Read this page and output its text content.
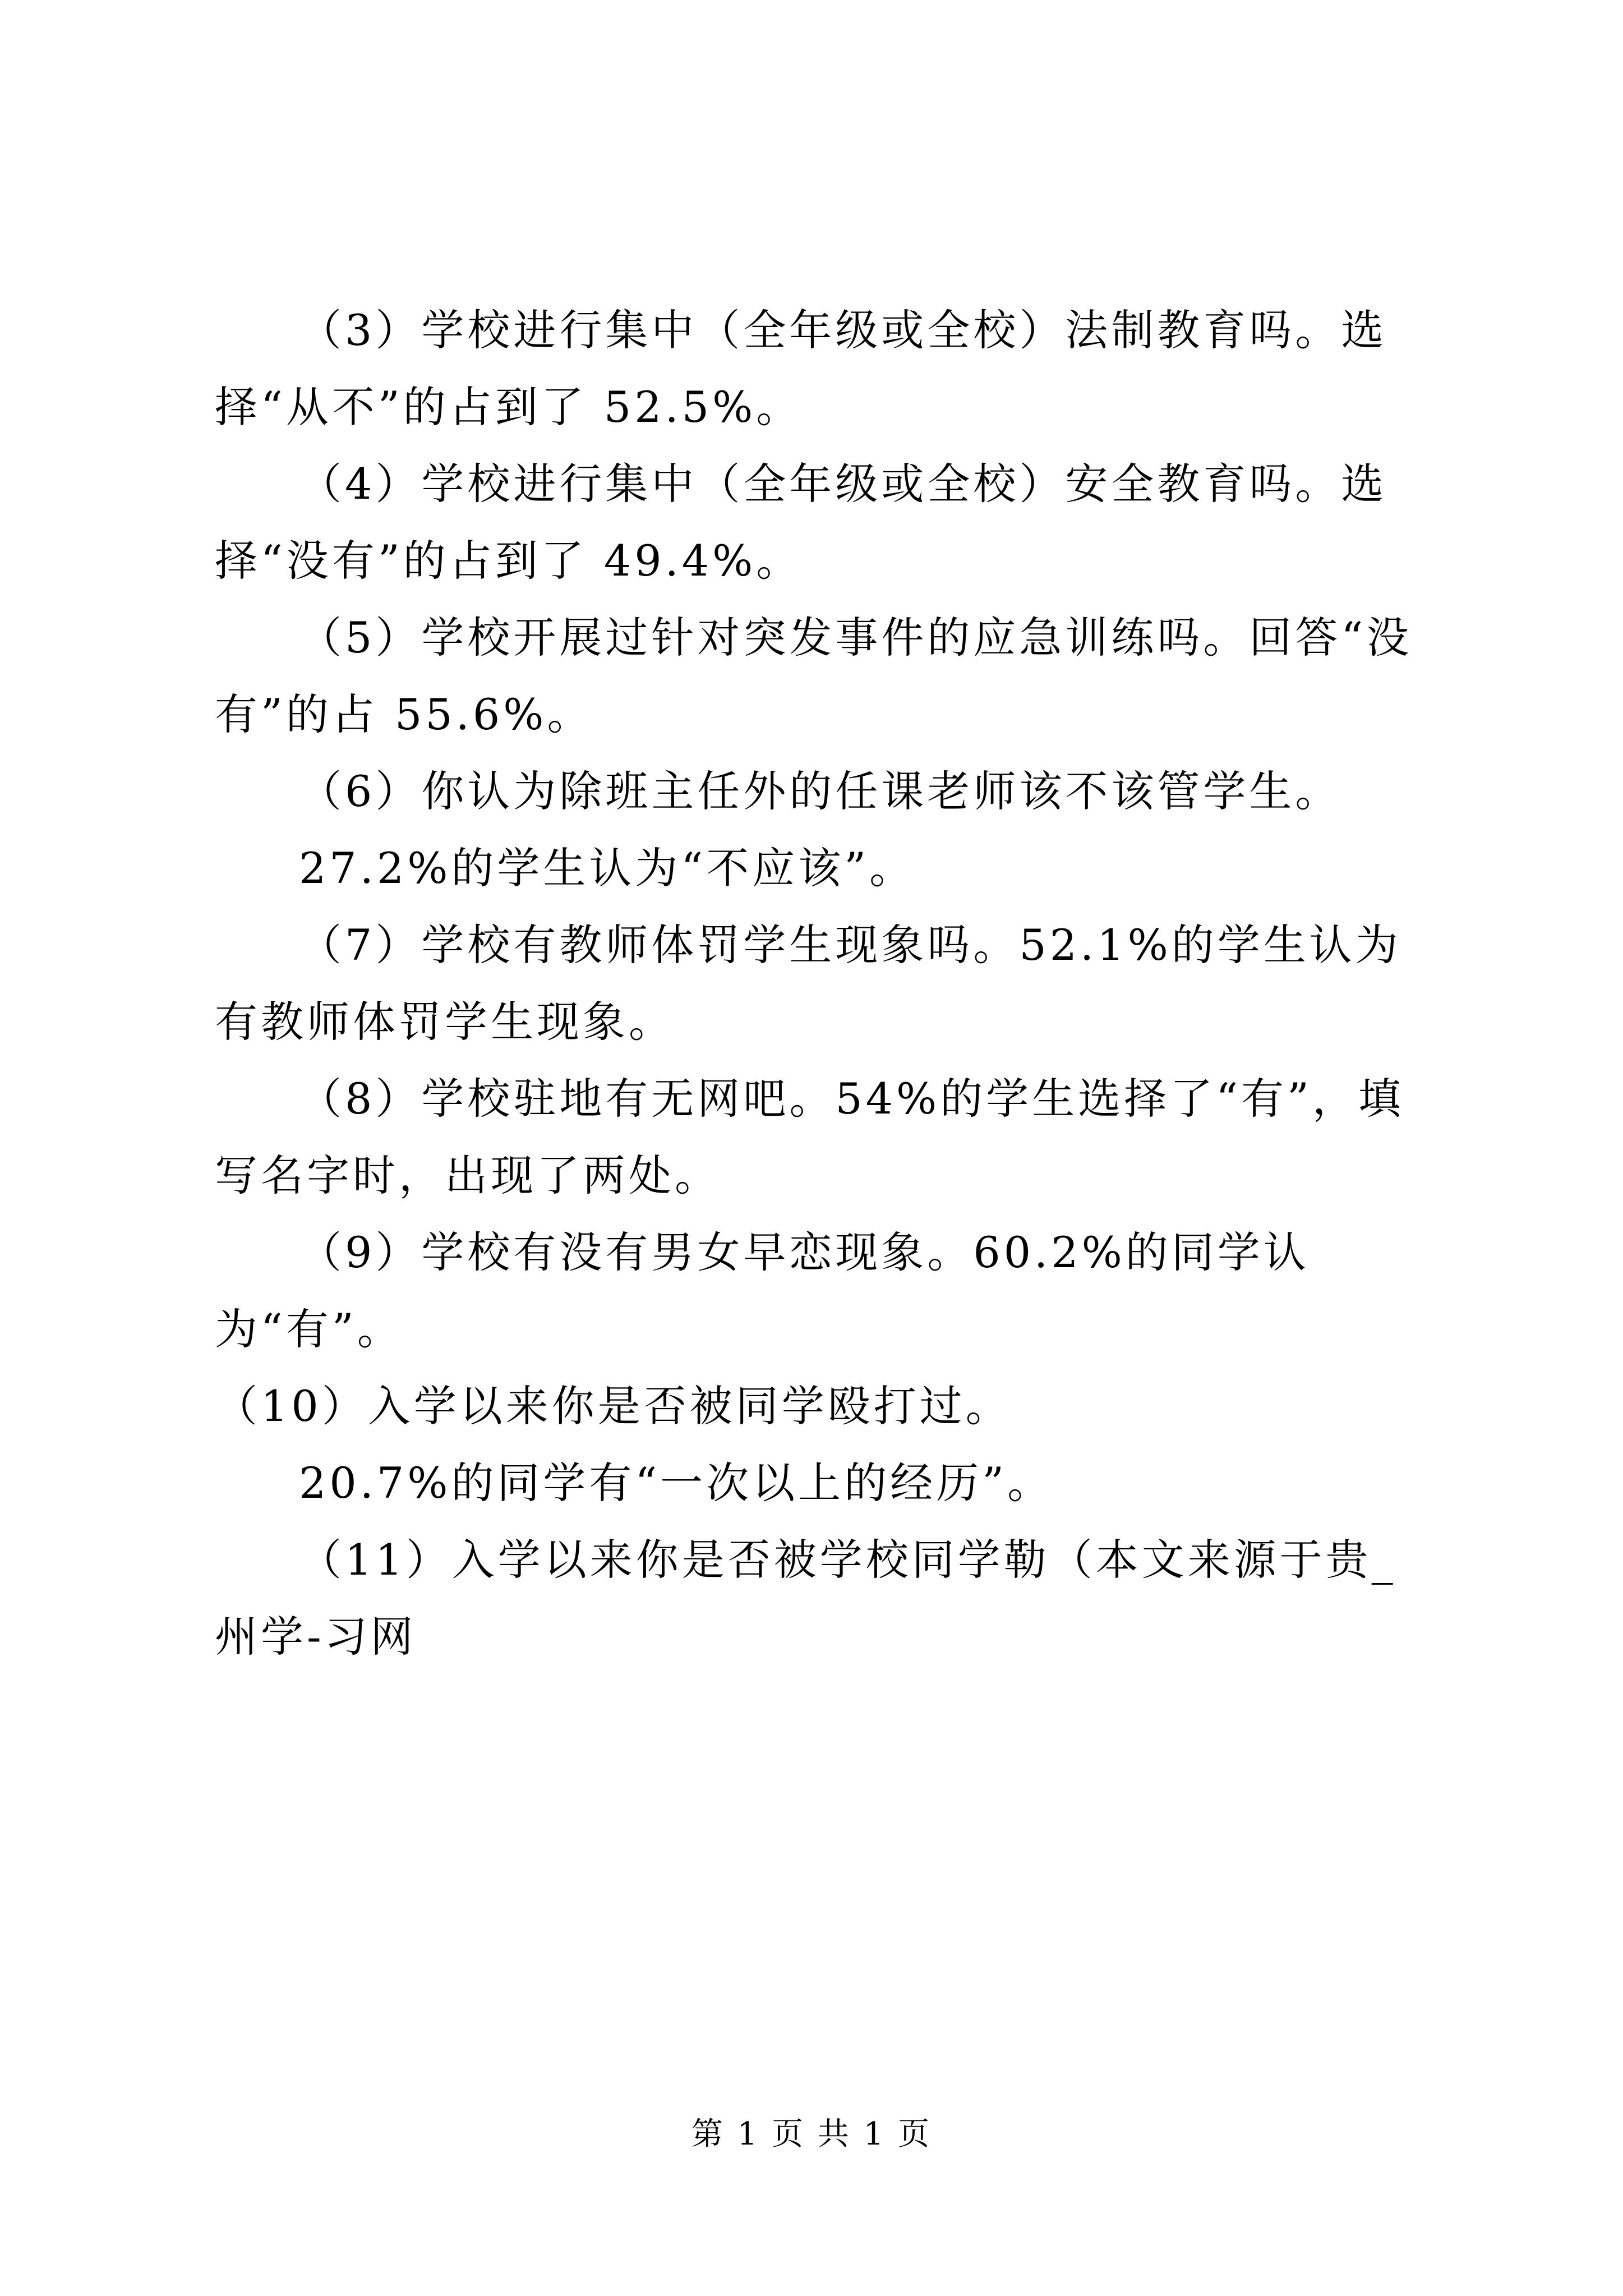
（3）学校进行集中（全年级或全校）法制教育吗。选择“从不”的占到了 52.5%。

（4）学校进行集中（全年级或全校）安全教育吗。选择“没有”的占到了 49.4%。

（5）学校开展过针对突发事件的应急训练吗。回答“没有”的占 55.6%。

（6）你认为除班主任外的任课老师该不该管学生。

27.2%的学生认为“不应该”。

（7）学校有教师体罚学生现象吗。52.1%的学生认为有教师体罚学生现象。

（8）学校驻地有无网吧。54%的学生选择了“有”，填写名字时，出现了两处。

（9）学校有没有男女早恋现象。60.2%的同学认为“有”。

（10）入学以来你是否被同学殴打过。

20.7%的同学有“一次以上的经历”。

（11）入学以来你是否被学校同学勒（本文来源于贵_州学-习网

第 1 页 共 1 页
